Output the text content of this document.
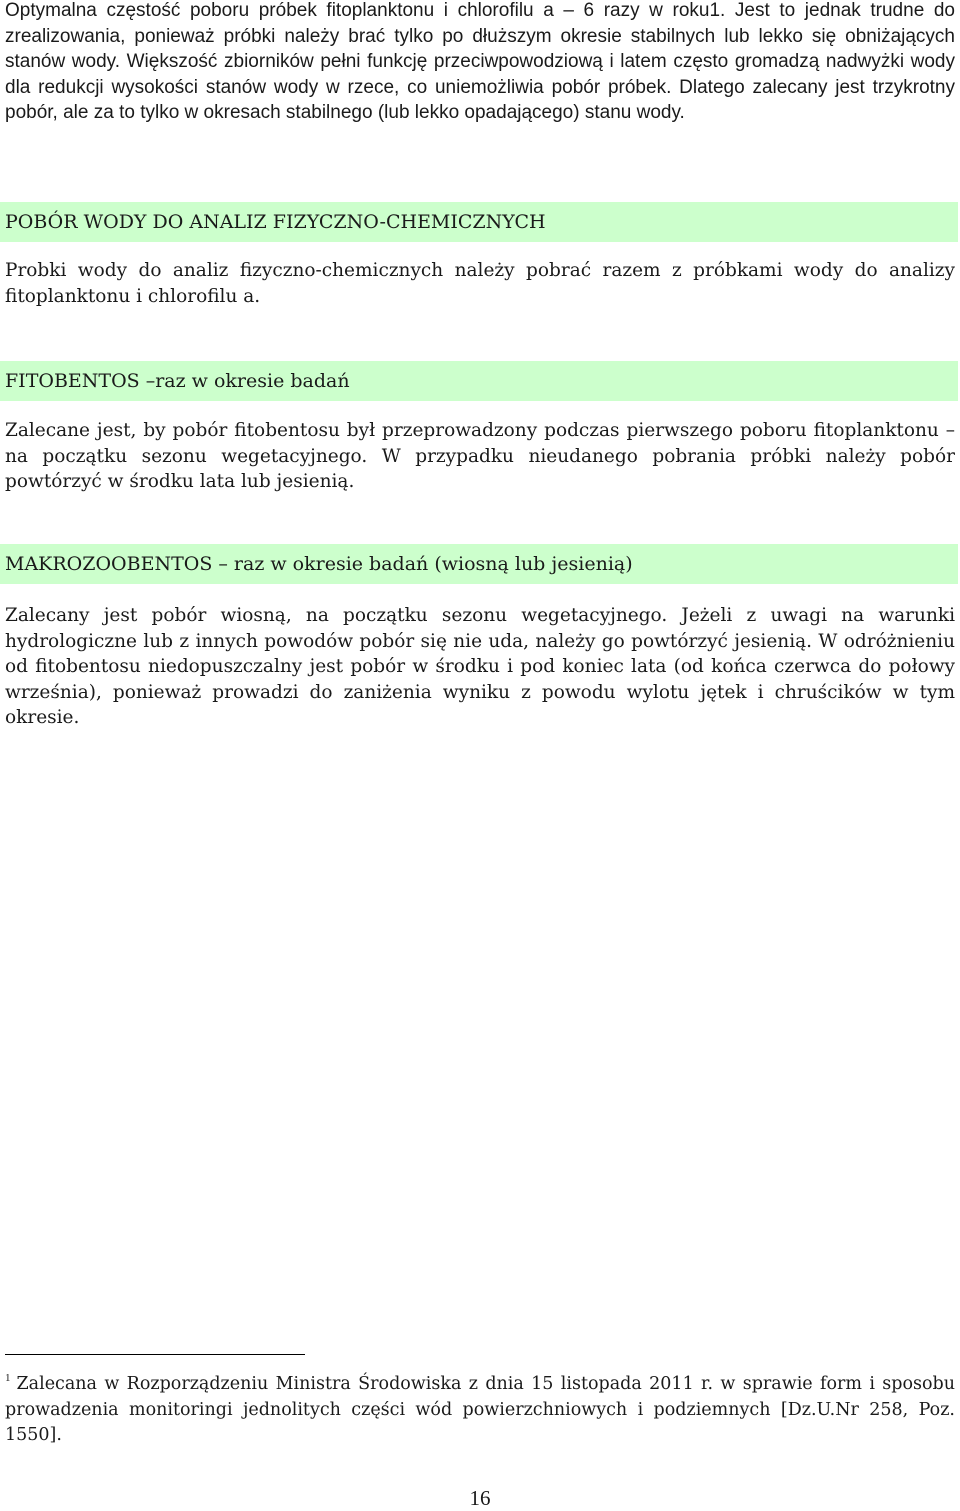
Optymalna częstość poboru próbek fitoplanktonu i chlorofilu a – 6 razy w roku1. Jest to jednak trudne do zrealizowania, ponieważ próbki należy brać tylko po dłuższym okresie stabilnych lub lekko się obniżających stanów wody. Większość zbiorników pełni funkcję przeciwpowodziową i latem często gromadzą nadwyżki wody dla redukcji wysokości stanów wody w rzece, co uniemożliwia pobór próbek. Dlatego zalecany jest trzykrotny pobór, ale za to tylko w okresach stabilnego (lub lekko opadającego) stanu wody.

POBÓR WODY DO ANALIZ FIZYCZNO-CHEMICZNYCH

Probki wody do analiz fizyczno-chemicznych należy pobrać razem z próbkami wody do analizy fitoplanktonu i chlorofilu a.

FITOBENTOS –raz w okresie badań

Zalecane jest, by pobór fitobentosu był przeprowadzony podczas pierwszego poboru fitoplanktonu – na początku sezonu wegetacyjnego. W przypadku nieudanego pobrania próbki należy pobór powtórzyć w środku lata lub jesienią.

MAKROZOOBENTOS – raz w okresie badań (wiosną lub jesienią)

Zalecany jest pobór wiosną, na początku sezonu wegetacyjnego. Jeżeli z uwagi na warunki hydrologiczne lub z innych powodów pobór się nie uda, należy go powtórzyć jesienią. W odróżnieniu od fitobentosu niedopuszczalny jest pobór w środku i pod koniec lata (od końca czerwca do połowy września), ponieważ prowadzi do zaniżenia wyniku z powodu wylotu jętek i chruścików w tym okresie.

$^1$ Zalecana w Rozporządzeniu Ministra Środowiska z dnia 15 listopada 2011 r. w sprawie form i sposobu prowadzenia monitoringi jednolitych części wód powierzchniowych i podziemnych [Dz.U.Nr 258, Poz. 1550].

16
